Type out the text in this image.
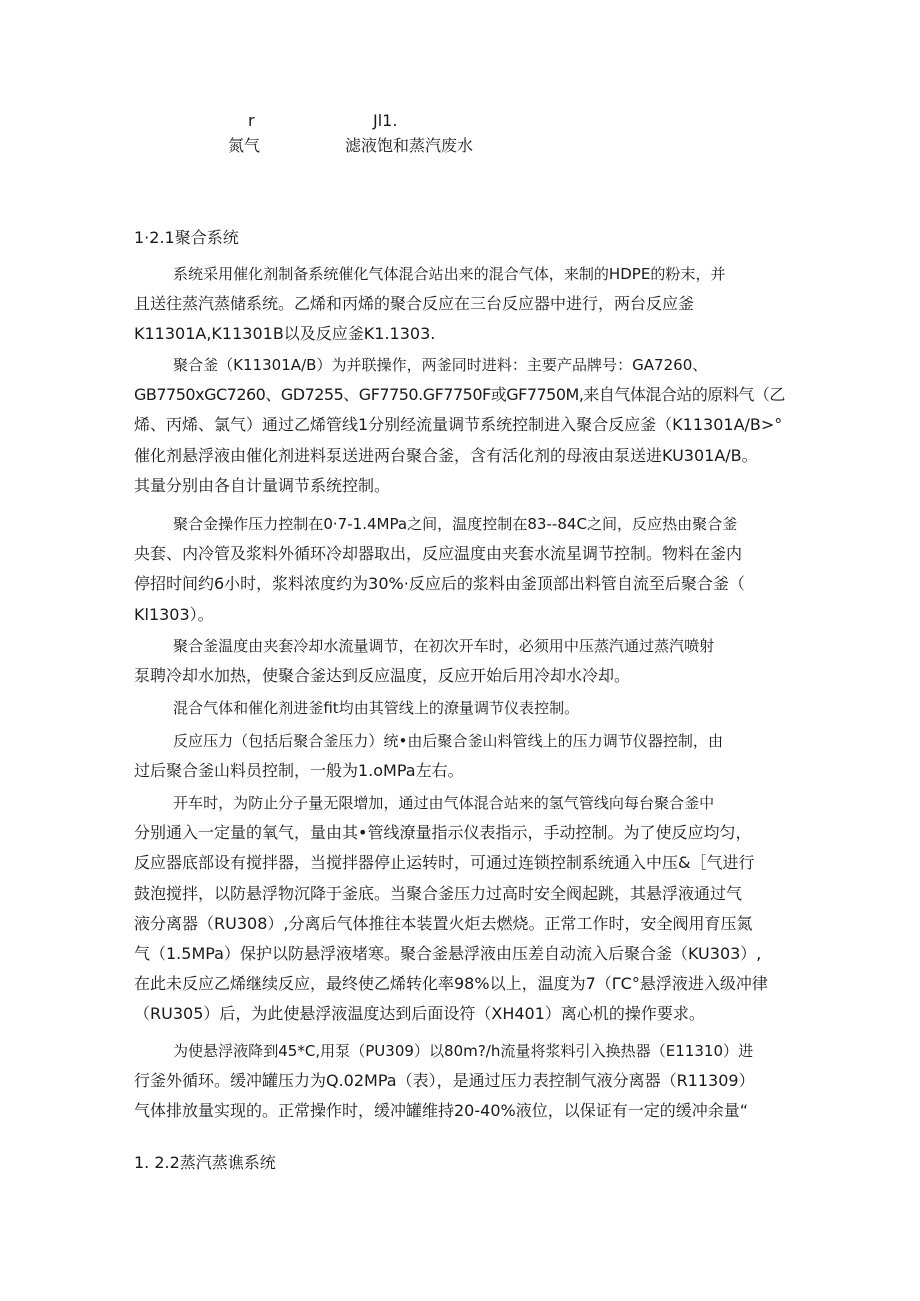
r	Jl1.
氮气	滤液饱和蒸汽废水
1·2.1聚合系统

系统采用催化剂制备系统催化气体混合站出来的混合气体，来制的HDPE的粉末，并
且送往蒸汽蒸储系统。乙烯和丙烯的聚合反应在三台反应器中进行，两台反应釜
K11301A,K11301B以及反应釜K1.1303.

聚合釜（K11301A/B）为并联操作，两釜同时进料：主要产品牌号：GA7260、
GB7750xGC7260、GD7255、GF7750.GF7750F或GF7750M,来自气体混合站的原料气（乙
烯、丙烯、氯气）通过乙烯管线1分别经流量调节系统控制进入聚合反应釜（K11301A/B>°
催化剂悬浮液由催化剂进料泵送进两台聚合釜，含有活化剂的母液由泵送进KU301A/B。
其量分别由各自计量调节系统控制。

聚合金操作压力控制在0·7-1.4MPa之间，温度控制在83--84C之间，反应热由聚合釜
央套、内冷管及浆料外循环冷却器取出，反应温度由夹套水流星调节控制。物料在釜内
停招时间约6小时，浆料浓度约为30%·反应后的浆料由釜顶部出料管自流至后聚合釜（
Kl1303）。

聚合釜温度由夹套冷却水流量调节，在初次开车时，必须用中压蒸汽通过蒸汽喷射
泵聘冷却水加热，使聚合釜达到反应温度，反应开始后用冷却水冷却。

混合气体和催化剂进釜fit均由其管线上的潦量调节仪表控制。

反应压力（包括后聚合釜压力）统•由后聚合釜山料管线上的压力调节仪器控制，由
过后聚合釜山料员控制，一般为1.oMPa左右。

开车时，为防止分子量无限增加，通过由气体混合站来的氢气管线向每台聚合釜中
分别通入一定量的氧气，量由其•管线潦量指示仪表指示，手动控制。为了使反应均匀，
反应器底部设有搅拌器，当搅拌器停止运转时，可通过连锁控制系统通入中压&［气进行
鼓泡搅拌，以防悬浮物沉降于釜底。当聚合釜压力过高时安全阀起跳，其悬浮液通过气
液分离器（RU308）,分离后气体推往本装置火炬去燃烧。正常工作时，安全阀用育压氮
气（1.5MPa）保护以防悬浮液堵寒。聚合釜悬浮液由压差自动流入后聚合釜（KU303）,
在此未反应乙烯继续反应，最终使乙烯转化率98%以上，温度为7（ΓC°悬浮液进入级冲律
（RU305）后，为此使悬浮液温度达到后面设符（XH401）离心机的操作要求。

为使悬浮液降到45*C,用泵（PU309）以80m?/h流量将浆料引入换热器（E11310）进
行釜外循环。缓冲罐压力为Q.02MPa（表），是通过压力表控制气液分离器（R11309）
气体排放量实现的。正常操作时，缓冲罐维持20-40%液位，以保证有一定的缓冲余量“

1. 2.2蒸汽蒸谯系统
